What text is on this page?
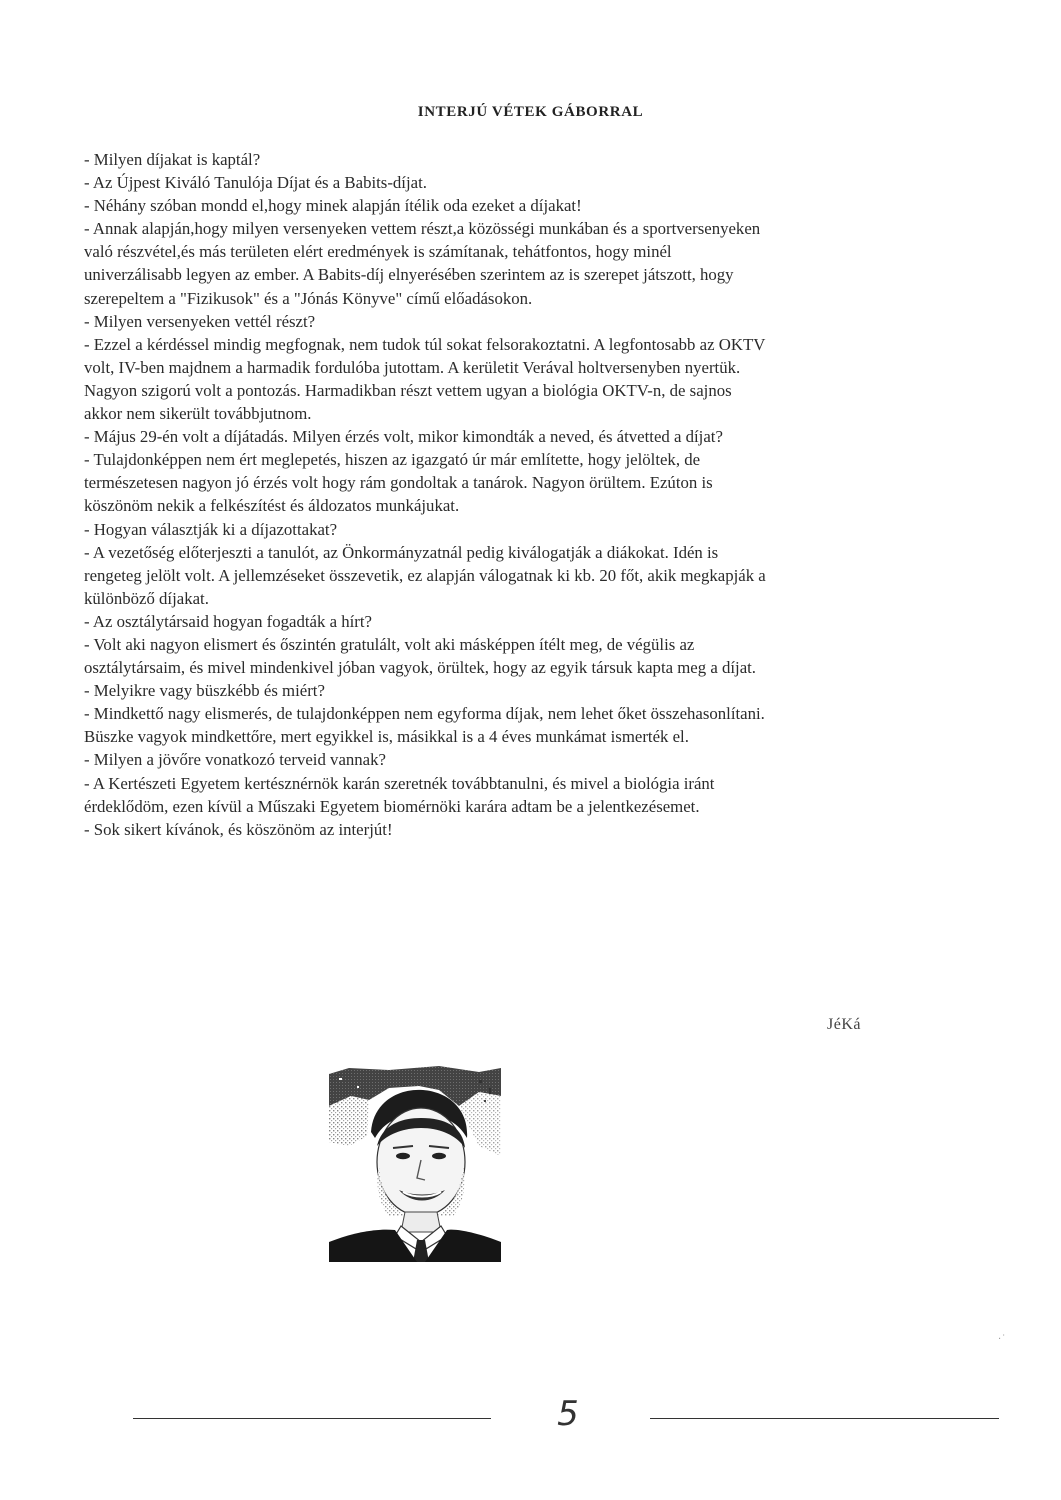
INTERJÚ VÉTEK GÁBORRAL
- Milyen díjakat is kaptál?
- Az Újpest Kiváló Tanulója Díjat és a Babits-díjat.
- Néhány szóban mondd el,hogy minek alapján ítélik oda ezeket a díjakat!
- Annak alapján,hogy milyen versenyeken vettem részt,a közösségi munkában és a sportversenyeken
való részvétel,és más területen elért eredmények is számítanak, tehátfontos, hogy minél
univerzálisabb legyen az ember. A Babits-díj elnyerésében szerintem az is szerepet játszott, hogy
szerepeltem a "Fizikusok" és a "Jónás Könyve" című előadásokon.
- Milyen versenyeken vettél részt?
- Ezzel a kérdéssel mindig megfognak, nem tudok túl sokat felsorakoztatni. A legfontosabb az OKTV
volt, IV-ben majdnem a harmadik fordulóba jutottam. A kerületit Verával holtversenyben nyertük.
Nagyon szigorú volt a pontozás. Harmadikban részt vettem ugyan a biológia OKTV-n, de sajnos
akkor nem sikerült továbbjutnom.
- Május 29-én volt a díjátadás. Milyen érzés volt, mikor kimondták a neved, és átvetted a díjat?
- Tulajdonképpen nem ért meglepetés, hiszen az igazgató úr már említette, hogy jelöltek, de
természetesen nagyon jó érzés volt hogy rám gondoltak a tanárok. Nagyon örültem. Ezúton is
köszönöm nekik a felkészítést és áldozatos munkájukat.
- Hogyan választják ki a díjazottakat?
- A vezetőség előterjeszti a tanulót, az Önkormányzatnál pedig kiválogatják a diákokat. Idén is
rengeteg jelölt volt. A jellemzéseket összevetik, ez alapján válogatnak ki kb. 20 főt, akik megkapják a
különböző díjakat.
- Az osztálytársaid hogyan fogadták a hírt?
- Volt aki nagyon elismert és őszintén gratulált, volt aki másképpen ítélt meg, de végülis az
osztálytársaim, és mivel mindenkivel jóban vagyok, örültek, hogy az egyik társuk kapta meg a díjat.
- Melyikre vagy büszkébb és miért?
- Mindkettő nagy elismerés, de tulajdonképpen nem egyforma díjak, nem lehet őket összehasonlítani.
Büszke vagyok mindkettőre, mert egyikkel is, másikkal is a 4 éves munkámat ismerték el.
- Milyen a jövőre vonatkozó terveid vannak?
- A Kertészeti Egyetem kertésznérnök karán szeretnék továbbtanulni, és mivel a biológia iránt
érdeklődöm, ezen kívül a Műszaki Egyetem biomérnöki karára adtam be a jelentkezésemet.
- Sok sikert kívánok, és köszönöm az interjút!
JéKá
·˙
5
